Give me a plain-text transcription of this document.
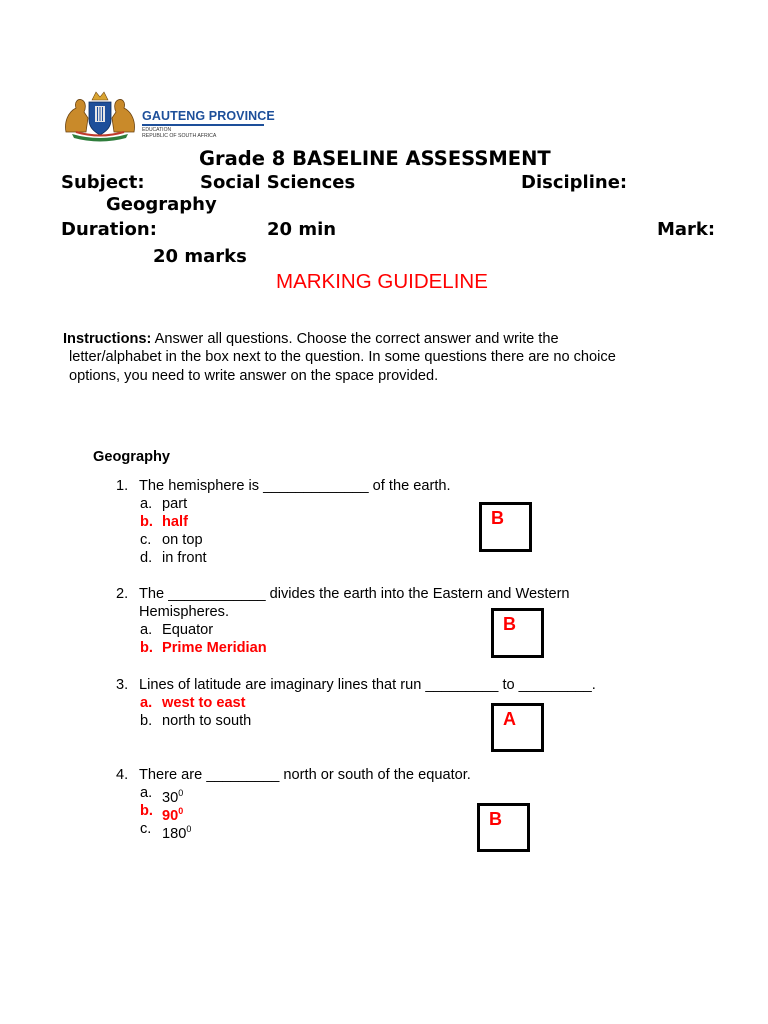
GAUTENG PROVINCE
EDUCATION
REPUBLIC OF SOUTH AFRICA
Grade 8 BASELINE ASSESSMENT
Subject:	Social Sciences	Discipline:
Geography
Duration:	20 min	Mark:
20 marks
MARKING GUIDELINE

Instructions: Answer all questions. Choose the correct answer and write the

letter/alphabet in the box next to the question. In some questions there are no choice

options, you need to write answer on the space provided.

Geography
1. The hemisphere is _____________ of the earth.
a. part
b. half
c. on top
d. in front
B
2. The ____________ divides the earth into the Eastern and Western
Hemispheres.
a. Equator
b. Prime Meridian
B
3. Lines of latitude are imaginary lines that run _________ to _________.
a. west to east
b. north to south	A
4. There are _________ north or south of the equator.
a. $30^0$
b. $90^0$
c. $180^0$	B
